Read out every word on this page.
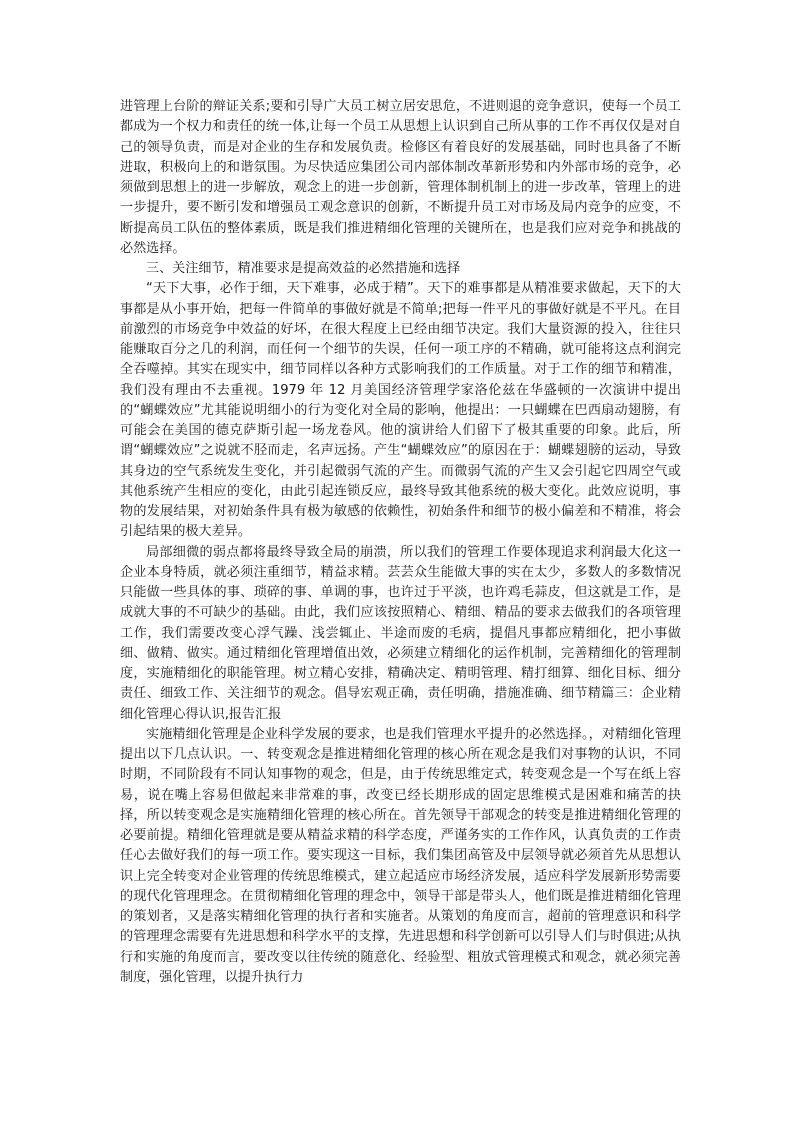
进管理上台阶的辩证关系;要和引导广大员工树立居安思危，不进则退的竞争意识，使每一个员工都成为一个权力和责任的统一体,让每一个员工从思想上认识到自己所从事的工作不再仅仅是对自己的领导负责，而是对企业的生存和发展负责。检修区有着良好的发展基础，同时也具备了不断进取，积极向上的和谐氛围。为尽快适应集团公司内部体制改革新形势和内外部市场的竞争，必须做到思想上的进一步解放，观念上的进一步创新，管理体制机制上的进一步改革，管理上的进一步提升，要不断引发和增强员工观念意识的创新，不断提升员工对市场及局内竞争的应变，不断提高员工队伍的整体素质，既是我们推进精细化管理的关键所在，也是我们应对竞争和挑战的必然选择。

三、关注细节，精准要求是提高效益的必然措施和选择

“天下大事，必作于细，天下难事，必成于精”。天下的难事都是从精准要求做起，天下的大事都是从小事开始，把每一件简单的事做好就是不简单;把每一件平凡的事做好就是不平凡。在目前激烈的市场竞争中效益的好坏，在很大程度上已经由细节决定。我们大量资源的投入，往往只能赚取百分之几的利润，而任何一个细节的失误，任何一项工序的不精确，就可能将这点利润完全吞噬掉。其实在现实中，细节同样以各种方式影响我们的工作质量。对于工作的细节和精准，我们没有理由不去重视。1979 年 12 月美国经济管理学家洛伦兹在华盛顿的一次演讲中提出的“蝴蝶效应”尤其能说明细小的行为变化对全局的影响，他提出：一只蝴蝶在巴西扇动翅膀，有可能会在美国的德克萨斯引起一场龙卷风。他的演讲给人们留下了极其重要的印象。此后，所谓“蝴蝶效应”之说就不胫而走，名声远扬。产生“蝴蝶效应”的原因在于：蝴蝶翅膀的运动，导致其身边的空气系统发生变化，并引起微弱气流的产生。而微弱气流的产生又会引起它四周空气或其他系统产生相应的变化，由此引起连锁反应，最终导致其他系统的极大变化。此效应说明，事物的发展结果，对初始条件具有极为敏感的依赖性，初始条件和细节的极小偏差和不精准，将会引起结果的极大差异。

局部细微的弱点都将最终导致全局的崩溃，所以我们的管理工作要体现追求利润最大化这一企业本身特质，就必须注重细节，精益求精。芸芸众生能做大事的实在太少，多数人的多数情况只能做一些具体的事、琐碎的事、单调的事，也许过于平淡，也许鸡毛蒜皮，但这就是工作，是成就大事的不可缺少的基础。由此，我们应该按照精心、精细、精品的要求去做我们的各项管理工作，我们需要改变心浮气躁、浅尝辄止、半途而废的毛病，提倡凡事都应精细化，把小事做细、做精、做实。通过精细化管理增值出效，必须建立精细化的运作机制，完善精细化的管理制度，实施精细化的职能管理。树立精心安排，精确决定、精明管理、精打细算、细化目标、细分责任、细致工作、关注细节的观念。倡导宏观正确，责任明确，措施准确、细节精篇三：企业精细化管理心得认识,报告汇报

实施精细化管理是企业科学发展的要求，也是我们管理水平提升的必然选择。，对精细化管理提出以下几点认识。一、转变观念是推进精细化管理的核心所在观念是我们对事物的认识，不同时期，不同阶段有不同认知事物的观念，但是，由于传统思维定式，转变观念是一个写在纸上容易，说在嘴上容易但做起来非常难的事，改变已经长期形成的固定思维模式是困难和痛苦的抉择，所以转变观念是实施精细化管理的核心所在。首先领导干部观念的转变是推进精细化管理的必要前提。精细化管理就是要从精益求精的科学态度，严谨务实的工作作风，认真负责的工作责任心去做好我们的每一项工作。要实现这一目标，我们集团高管及中层领导就必须首先从思想认识上完全转变对企业管理的传统思维模式，建立起适应市场经济发展，适应科学发展新形势需要的现代化管理理念。在贯彻精细化管理的理念中，领导干部是带头人，他们既是推进精细化管理的策划者，又是落实精细化管理的执行者和实施者。从策划的角度而言，超前的管理意识和科学的管理理念需要有先进思想和科学水平的支撑，先进思想和科学创新可以引导人们与时俱进;从执行和实施的角度而言，要改变以往传统的随意化、经验型、粗放式管理模式和观念，就必须完善制度，强化管理，以提升执行力
